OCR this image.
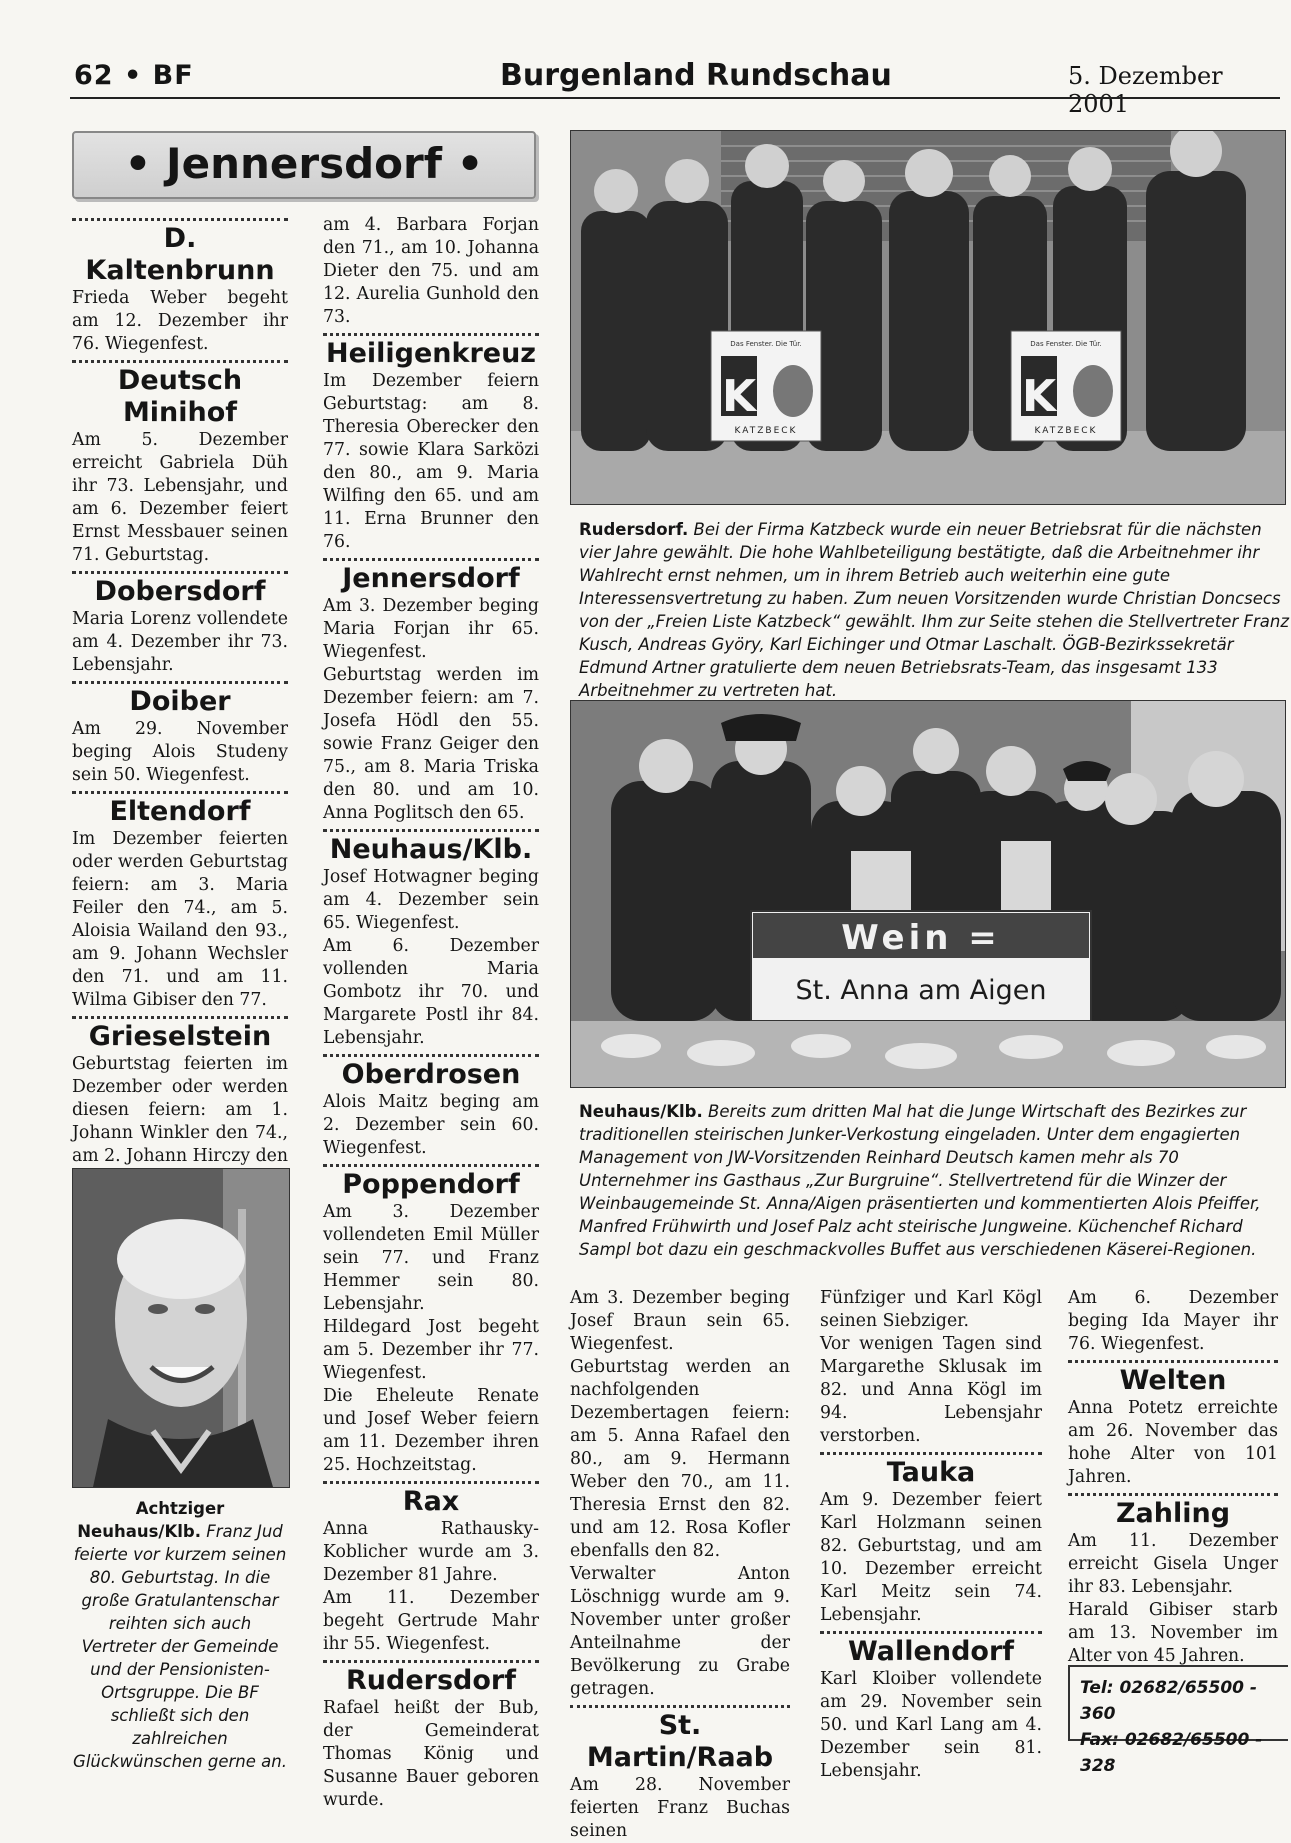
62 • BF	Burgenland Rundschau	5. Dezember 2001
• Jennersdorf •
D. Kaltenbrunn

Frieda Weber begeht am 12. Dezember ihr 76. Wiegenfest.

Deutsch Minihof

Am 5. Dezember erreicht Gabriela Düh ihr 73. Lebensjahr, und am 6. Dezember feiert Ernst Messbauer seinen 71. Geburtstag.

Dobersdorf

Maria Lorenz vollendete am 4. Dezember ihr 73. Lebensjahr.

Doiber

Am 29. November beging Alois Studeny sein 50. Wiegenfest.

Eltendorf

Im Dezember feierten oder werden Geburtstag feiern: am 3. Maria Feiler den 74., am 5. Aloisia Wailand den 93., am 9. Johann Wechsler den 71. und am 11. Wilma Gibiser den 77.

Grieselstein

Geburtstag feierten im Dezember oder werden diesen feiern: am 1. Johann Winkler den 74., am 2. Johann Hirczy den

Achtziger
Neuhaus/Klb. Franz Jud feierte vor kurzem seinen 80. Geburtstag. In die große Gratulantenschar reihten sich auch Vertreter der Gemeinde und der Pensionisten-Ortsgruppe. Die BF schließt sich den zahlreichen Glückwünschen gerne an.

am 4. Barbara Forjan den 71., am 10. Johanna Dieter den 75. und am 12. Aurelia Gunhold den 73.

Heiligenkreuz

Im Dezember feiern Geburtstag: am 8. Theresia Oberecker den 77. sowie Klara Sarközi den 80., am 9. Maria Wilfing den 65. und am 11. Erna Brunner den 76.

Jennersdorf

Am 3. Dezember beging Maria Forjan ihr 65. Wiegenfest.

Geburtstag werden im Dezember feiern: am 7. Josefa Hödl den 55. sowie Franz Geiger den 75., am 8. Maria Triska den 80. und am 10. Anna Poglitsch den 65.

Neuhaus/Klb.

Josef Hotwagner beging am 4. Dezember sein 65. Wiegenfest.

Am 6. Dezember vollenden Maria Gombotz ihr 70. und Margarete Postl ihr 84. Lebensjahr.

Oberdrosen

Alois Maitz beging am 2. Dezember sein 60. Wiegenfest.

Poppendorf

Am 3. Dezember vollendeten Emil Müller sein 77. und Franz Hemmer sein 80. Lebensjahr.

Hildegard Jost begeht am 5. Dezember ihr 77. Wiegenfest.

Die Eheleute Renate und Josef Weber feiern am 11. Dezember ihren 25. Hochzeitstag.

Rax

Anna Rathausky-Koblicher wurde am 3. Dezember 81 Jahre.

Am 11. Dezember begeht Gertrude Mahr ihr 55. Wiegenfest.

Rudersdorf

Rafael heißt der Bub, der Gemeinderat Thomas König und Susanne Bauer geboren wurde.

Das Fenster. Die Tür.
K
KATZBECK
Das Fenster. Die Tür.
K
KATZBECK
Rudersdorf. Bei der Firma Katzbeck wurde ein neuer Betriebsrat für die nächsten vier Jahre gewählt. Die hohe Wahlbeteiligung bestätigte, daß die Arbeitnehmer ihr Wahlrecht ernst nehmen, um in ihrem Betrieb auch weiterhin eine gute Interessensvertretung zu haben. Zum neuen Vorsitzenden wurde Christian Doncsecs von der „Freien Liste Katzbeck“ gewählt. Ihm zur Seite stehen die Stellvertreter Franz Kusch, Andreas Györy, Karl Eichinger und Otmar Laschalt. ÖGB-Bezirkssekretär Edmund Artner gratulierte dem neuen Betriebsrats-Team, das insgesamt 133 Arbeitnehmer zu vertreten hat.
Wein =
St. Anna am Aigen
Neuhaus/Klb. Bereits zum dritten Mal hat die Junge Wirtschaft des Bezirkes zur traditionellen steirischen Junker-Verkostung eingeladen. Unter dem engagierten Management von JW-Vorsitzenden Reinhard Deutsch kamen mehr als 70 Unternehmer ins Gasthaus „Zur Burgruine“. Stellvertretend für die Winzer der Weinbaugemeinde St. Anna/Aigen präsentierten und kommentierten Alois Pfeiffer, Manfred Frühwirth und Josef Palz acht steirische Jungweine. Küchenchef Richard Sampl bot dazu ein geschmackvolles Buffet aus verschiedenen Käserei-Regionen.

Am 3. Dezember beging Josef Braun sein 65. Wiegenfest.

Geburtstag werden an nachfolgenden Dezembertagen feiern: am 5. Anna Rafael den 80., am 9. Hermann Weber den 70., am 11. Theresia Ernst den 82. und am 12. Rosa Kofler ebenfalls den 82.

Verwalter Anton Löschnigg wurde am 9. November unter großer Anteilnahme der Bevölkerung zu Grabe getragen.

St. Martin/Raab

Am 28. November feierten Franz Buchas seinen

Fünfziger und Karl Kögl seinen Siebziger.

Vor wenigen Tagen sind Margarethe Sklusak im 82. und Anna Kögl im 94. Lebensjahr verstorben.

Tauka

Am 9. Dezember feiert Karl Holzmann seinen 82. Geburtstag, und am 10. Dezember erreicht Karl Meitz sein 74. Lebensjahr.

Wallendorf

Karl Kloiber vollendete am 29. November sein 50. und Karl Lang am 4. Dezember sein 81. Lebensjahr.

Am 6. Dezember beging Ida Mayer ihr 76. Wiegenfest.

Welten

Anna Potetz erreichte am 26. November das hohe Alter von 101 Jahren.

Zahling

Am 11. Dezember erreicht Gisela Unger ihr 83. Lebensjahr.

Harald Gibiser starb am 13. November im Alter von 45 Jahren.

Tel: 02682/65500 - 360
Fax: 02682/65500 - 328
